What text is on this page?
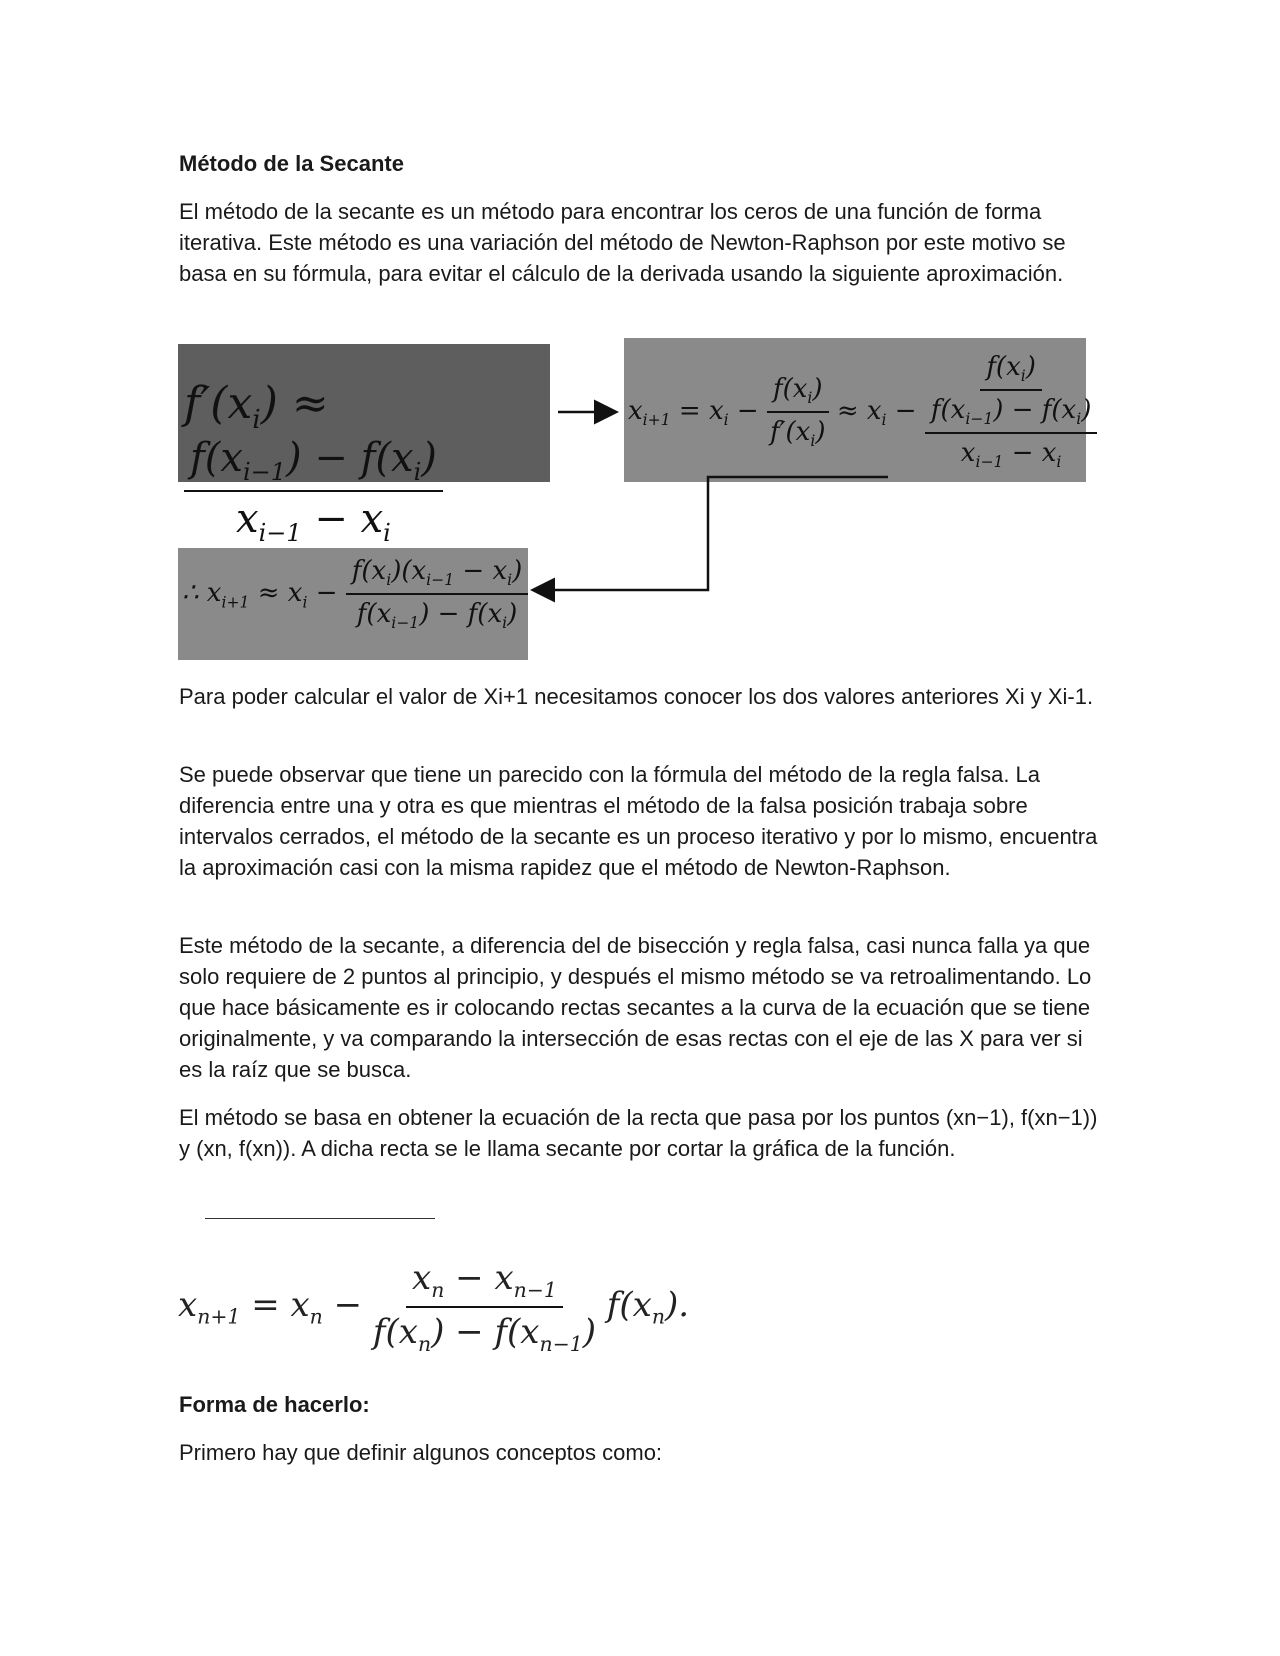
Método de la Secante

El método de la secante es un método para encontrar los ceros de una función de forma iterativa. Este método es una variación del método de Newton-Raphson por este motivo se basa en su fórmula, para evitar el cálculo de la derivada usando la siguiente aproximación.

$f'(x_i)$ ≈
$\frac{f(x_{i-1}) - f(x_i)}{x_{i-1} - x_i}$
$x_{i+1} = x_i - \frac{f(x_i)}{f'(x_i)} \approx x_i - \frac{f(x_i)}{\frac{f(x_{i-1}) - f(x_i)}{x_{i-1} - x_i}}$
∴ $x_{i+1} \approx x_i - \frac{f(x_i)(x_{i-1} - x_i)}{f(x_{i-1}) - f(x_i)}$

Para poder calcular el valor de Xi+1 necesitamos conocer los dos valores anteriores Xi y Xi-1.

Se puede observar que tiene un parecido con la fórmula del método de la regla falsa. La diferencia entre una y otra es que mientras el método de la falsa posición trabaja sobre intervalos cerrados, el método de la secante es un proceso iterativo y por lo mismo, encuentra la aproximación casi con la misma rapidez que el método de Newton-Raphson.

Este método de la secante, a diferencia del de bisección y regla falsa, casi nunca falla ya que solo requiere de 2 puntos al principio, y después el mismo método se va retroalimentando. Lo que hace básicamente es ir colocando rectas secantes a la curva de la ecuación que se tiene originalmente, y va comparando la intersección de esas rectas con el eje de las X para ver si es la raíz que se busca.

El método se basa en obtener la ecuación de la recta que pasa por los puntos (xn−1), f(xn−1)) y (xn, f(xn)). A dicha recta se le llama secante por cortar la gráfica de la función.

$x_{n+1} = x_n - \frac{x_n - x_{n-1}}{f(x_n) - f(x_{n-1})} f(x_n)$.

Forma de hacerlo:

Primero hay que definir algunos conceptos como:
